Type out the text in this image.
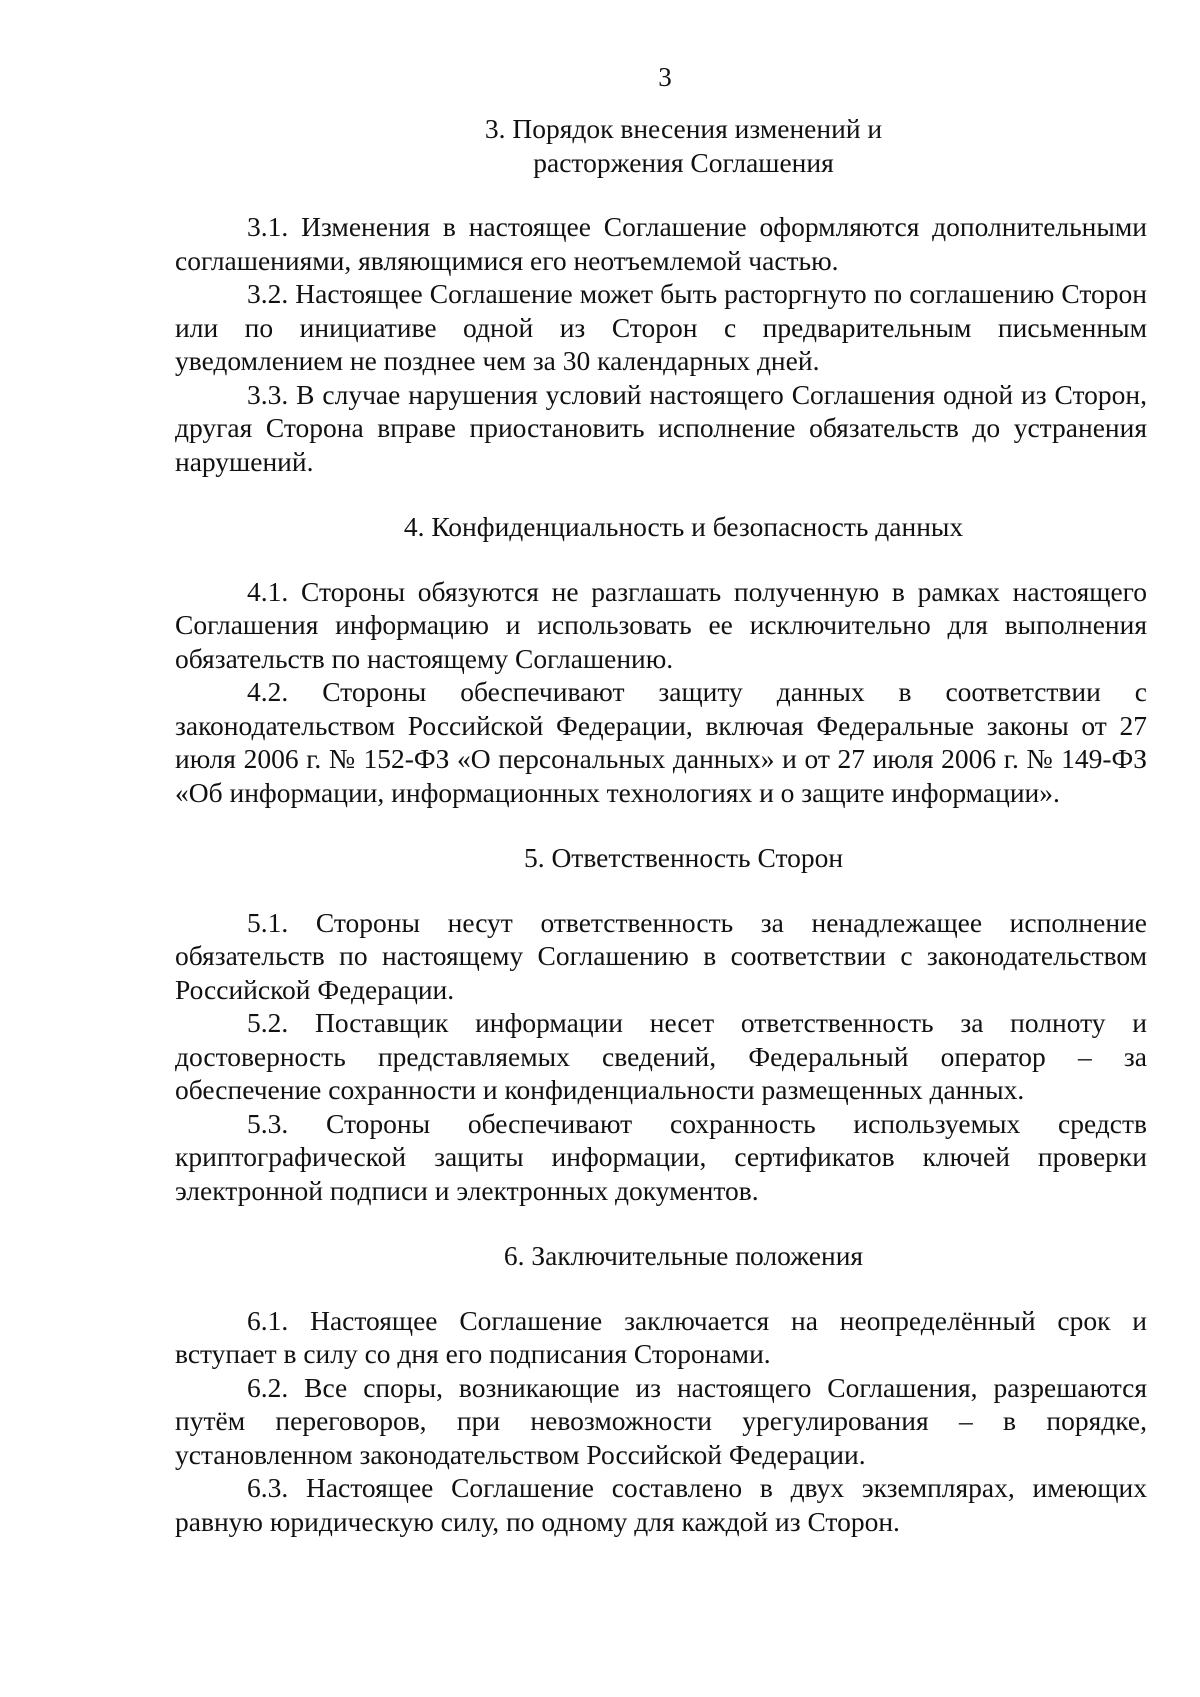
3
3. Порядок внесения изменений и
расторжения Соглашения

3.1. Изменения в настоящее Соглашение оформляются дополнительными соглашениями, являющимися его неотъемлемой частью.

3.2. Настоящее Соглашение может быть расторгнуто по соглашению Сторон или по инициативе одной из Сторон с предварительным письменным уведомлением не позднее чем за 30 календарных дней.

3.3. В случае нарушения условий настоящего Соглашения одной из Сторон, другая Сторона вправе приостановить исполнение обязательств до устранения нарушений.

4. Конфиденциальность и безопасность данных

4.1. Стороны обязуются не разглашать полученную в рамках настоящего Соглашения информацию и использовать ее исключительно для выполнения обязательств по настоящему Соглашению.

4.2. Стороны обеспечивают защиту данных в соответствии с законодательством Российской Федерации, включая Федеральные законы от 27 июля 2006 г. № 152-ФЗ «О персональных данных» и от 27 июля 2006 г. № 149-ФЗ «Об информации, информационных технологиях и о защите информации».

5. Ответственность Сторон

5.1. Стороны несут ответственность за ненадлежащее исполнение обязательств по настоящему Соглашению в соответствии с законодательством Российской Федерации.

5.2. Поставщик информации несет ответственность за полноту и достоверность представляемых сведений, Федеральный оператор – за обеспечение сохранности и конфиденциальности размещенных данных.

5.3. Стороны обеспечивают сохранность используемых средств криптографической защиты информации, сертификатов ключей проверки электронной подписи и электронных документов.

6. Заключительные положения

6.1. Настоящее Соглашение заключается на неопределённый срок и вступает в силу со дня его подписания Сторонами.

6.2. Все споры, возникающие из настоящего Соглашения, разрешаются путём переговоров, при невозможности урегулирования – в порядке, установленном законодательством Российской Федерации.

6.3. Настоящее Соглашение составлено в двух экземплярах, имеющих равную юридическую силу, по одному для каждой из Сторон.
